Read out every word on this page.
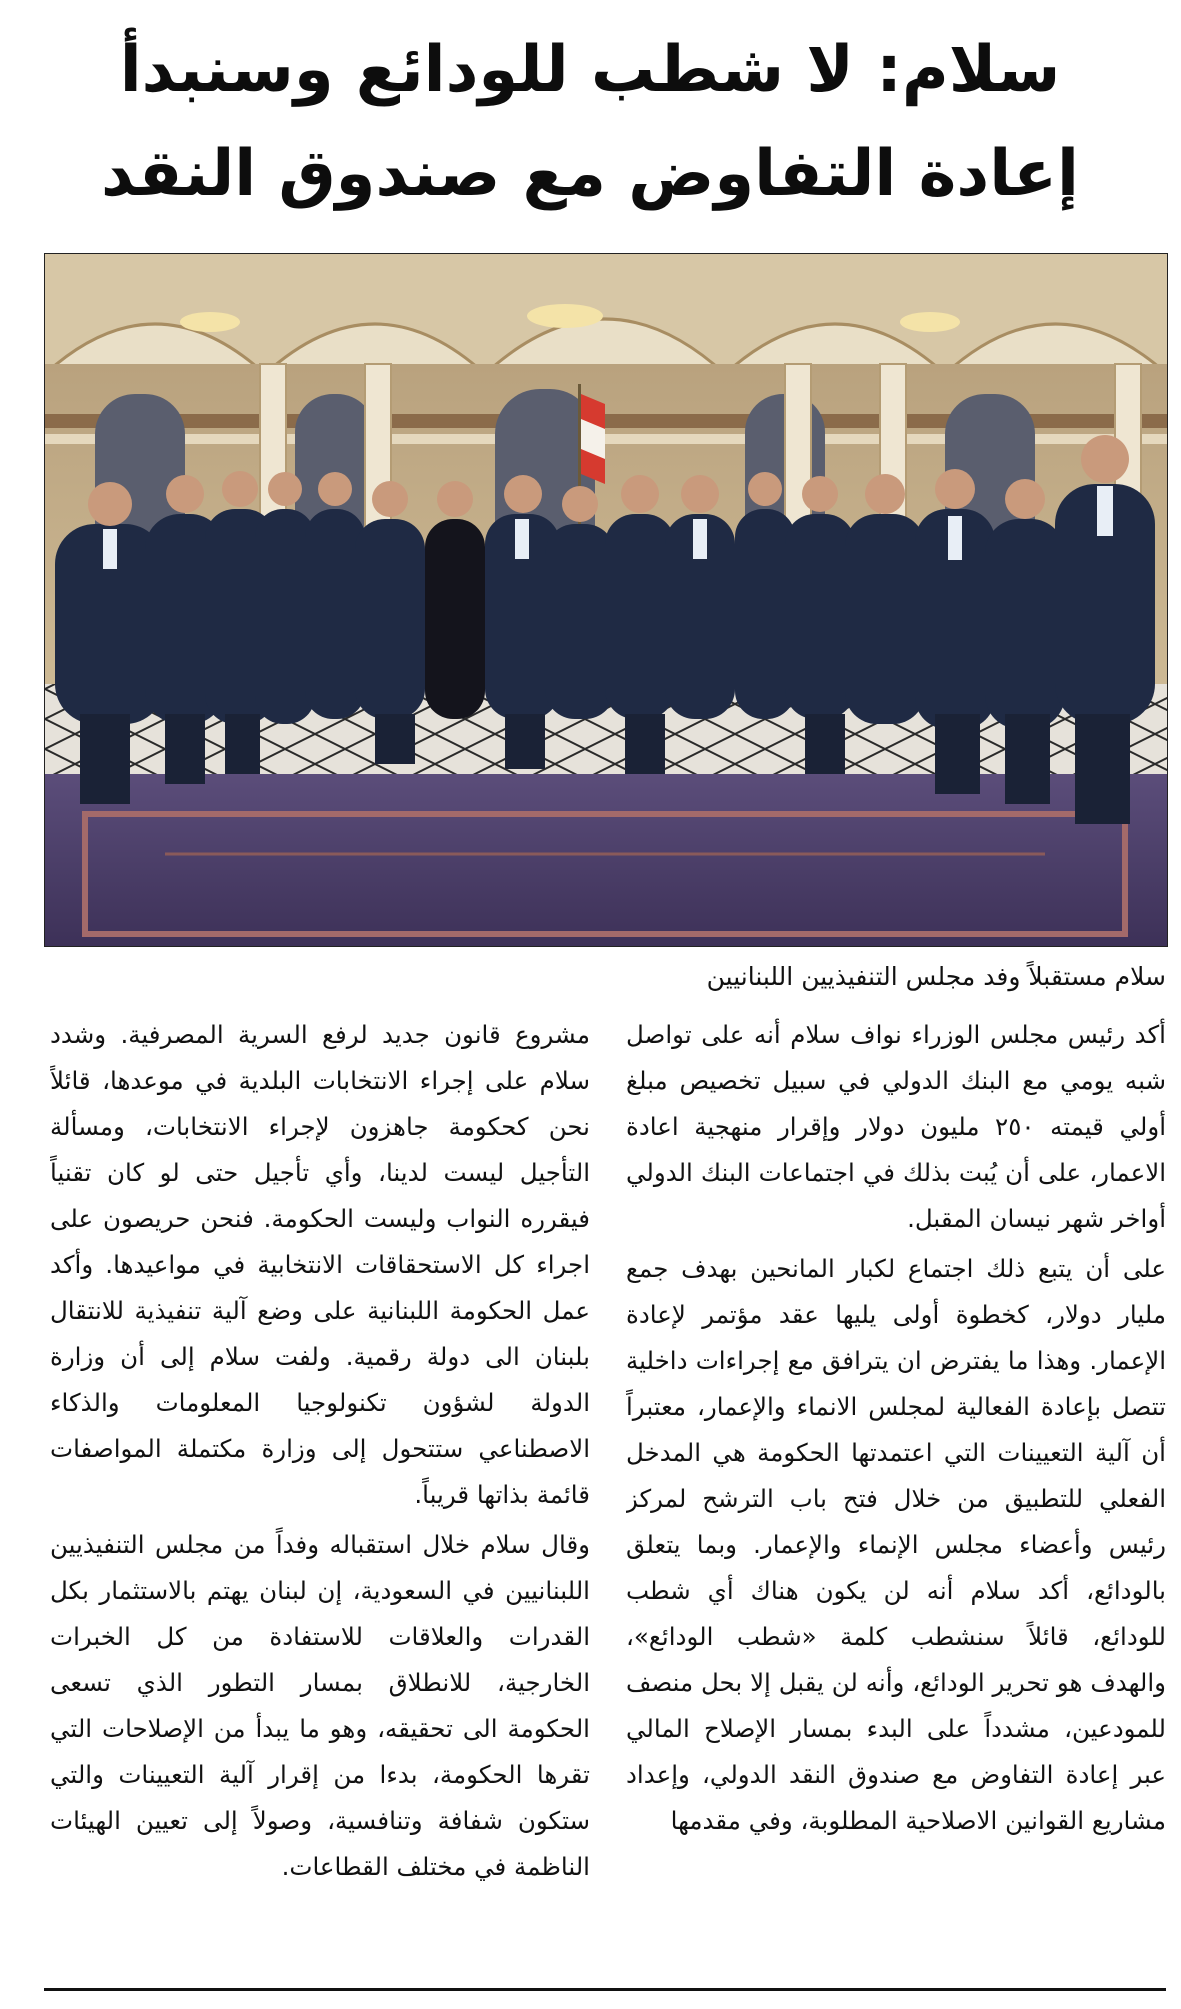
سلام: لا شطب للودائع وسنبدأ
إعادة التفاوض مع صندوق النقد
سلام مستقبلاً وفد مجلس التنفيذيين اللبنانيين

أكد رئيس مجلس الوزراء نواف سلام أنه على تواصل شبه يومي مع البنك الدولي في سبيل تخصيص مبلغ أولي قيمته ٢٥٠ مليون دولار وإقرار منهجية اعادة الاعمار، على أن يُبت بذلك في اجتماعات البنك الدولي أواخر شهر نيسان المقبل.

على أن يتبع ذلك اجتماع لكبار المانحين بهدف جمع مليار دولار، كخطوة أولى يليها عقد مؤتمر لإعادة الإعمار. وهذا ما يفترض ان يترافق مع إجراءات داخلية تتصل بإعادة الفعالية لمجلس الانماء والإعمار، معتبراً أن آلية التعيينات التي اعتمدتها الحكومة هي المدخل الفعلي للتطبيق من خلال فتح باب الترشح لمركز رئيس وأعضاء مجلس الإنماء والإعمار. وبما يتعلق بالودائع، أكد سلام أنه لن يكون هناك أي شطب للودائع، قائلاً سنشطب كلمة «شطب الودائع»، والهدف هو تحرير الودائع، وأنه لن يقبل إلا بحل منصف للمودعين، مشدداً على البدء بمسار الإصلاح المالي عبر إعادة التفاوض مع صندوق النقد الدولي، وإعداد مشاريع القوانين الاصلاحية المطلوبة، وفي مقدمها

مشروع قانون جديد لرفع السرية المصرفية. وشدد سلام على إجراء الانتخابات البلدية في موعدها، قائلاً نحن كحكومة جاهزون لإجراء الانتخابات، ومسألة التأجيل ليست لدينا، وأي تأجيل حتى لو كان تقنياً فيقرره النواب وليست الحكومة. فنحن حريصون على اجراء كل الاستحقاقات الانتخابية في مواعيدها. وأكد عمل الحكومة اللبنانية على وضع آلية تنفيذية للانتقال بلبنان الى دولة رقمية. ولفت سلام إلى أن وزارة الدولة لشؤون تكنولوجيا المعلومات والذكاء الاصطناعي ستتحول إلى وزارة مكتملة المواصفات قائمة بذاتها قريباً.

وقال سلام خلال استقباله وفداً من مجلس التنفيذيين اللبنانيين في السعودية، إن لبنان يهتم بالاستثمار بكل القدرات والعلاقات للاستفادة من كل الخبرات الخارجية، للانطلاق بمسار التطور الذي تسعى الحكومة الى تحقيقه، وهو ما يبدأ من الإصلاحات التي تقرها الحكومة، بدءا من إقرار آلية التعيينات والتي ستكون شفافة وتنافسية، وصولاً إلى تعيين الهيئات الناظمة في مختلف القطاعات.
